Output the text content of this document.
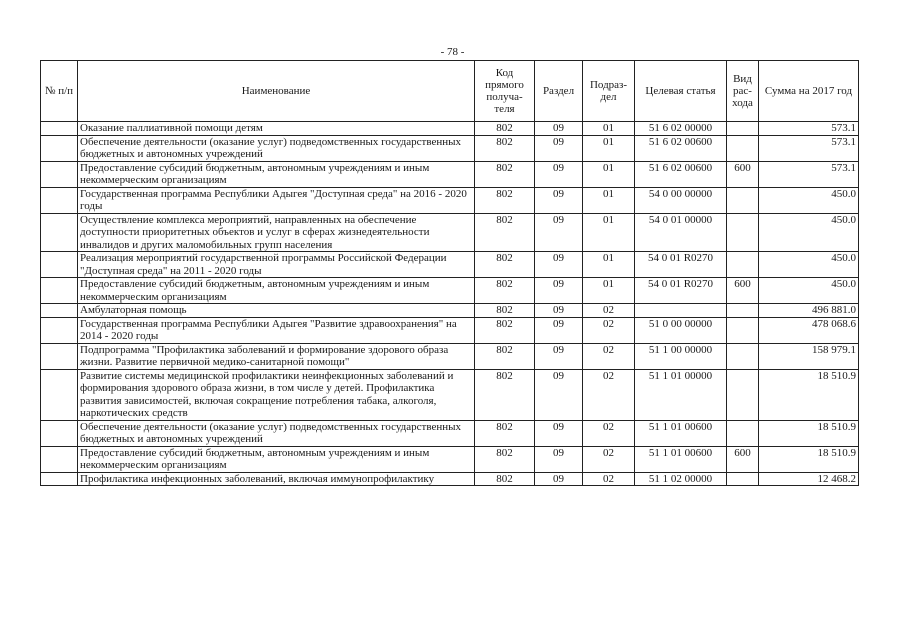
- 78 -
№ п/п	Наименование	Код прямого получа-теля	Раздел	Подраз-дел	Целевая статья	Вид рас-хода	Сумма на 2017 год
	Оказание паллиативной помощи детям	802	09	01	51 6 02 00000		573.1
	Обеспечение деятельности (оказание услуг) подведомственных государственных бюджетных и автономных учреждений	802	09	01	51 6 02 00600		573.1
	Предоставление субсидий бюджетным, автономным учреждениям и иным некоммерческим организациям	802	09	01	51 6 02 00600	600	573.1
	Государственная программа Республики Адыгея "Доступная среда" на 2016 - 2020 годы	802	09	01	54 0 00 00000		450.0
	Осуществление комплекса мероприятий, направленных на обеспечение доступности приоритетных объектов и услуг в сферах жизнедеятельности инвалидов и других маломобильных групп населения	802	09	01	54 0 01 00000		450.0
	Реализация мероприятий государственной программы Российской Федерации "Доступная среда" на 2011 - 2020 годы	802	09	01	54 0 01 R0270		450.0
	Предоставление субсидий бюджетным, автономным учреждениям и иным некоммерческим организациям	802	09	01	54 0 01 R0270	600	450.0
	Амбулаторная помощь	802	09	02			496 881.0
	Государственная программа Республики Адыгея "Развитие здравоохранения" на 2014 - 2020 годы	802	09	02	51 0 00 00000		478 068.6
	Подпрограмма "Профилактика заболеваний и формирование здорового образа жизни. Развитие первичной медико-санитарной помощи"	802	09	02	51 1 00 00000		158 979.1
	Развитие системы медицинской профилактики неинфекционных заболеваний и формирования здорового образа жизни, в том числе у детей. Профилактика развития зависимостей, включая сокращение потребления табака, алкоголя, наркотических средств	802	09	02	51 1 01 00000		18 510.9
	Обеспечение деятельности (оказание услуг) подведомственных государственных бюджетных и автономных учреждений	802	09	02	51 1 01 00600		18 510.9
	Предоставление субсидий бюджетным, автономным учреждениям и иным некоммерческим организациям	802	09	02	51 1 01 00600	600	18 510.9
	Профилактика инфекционных заболеваний, включая иммунопрофилактику	802	09	02	51 1 02 00000		12 468.2
